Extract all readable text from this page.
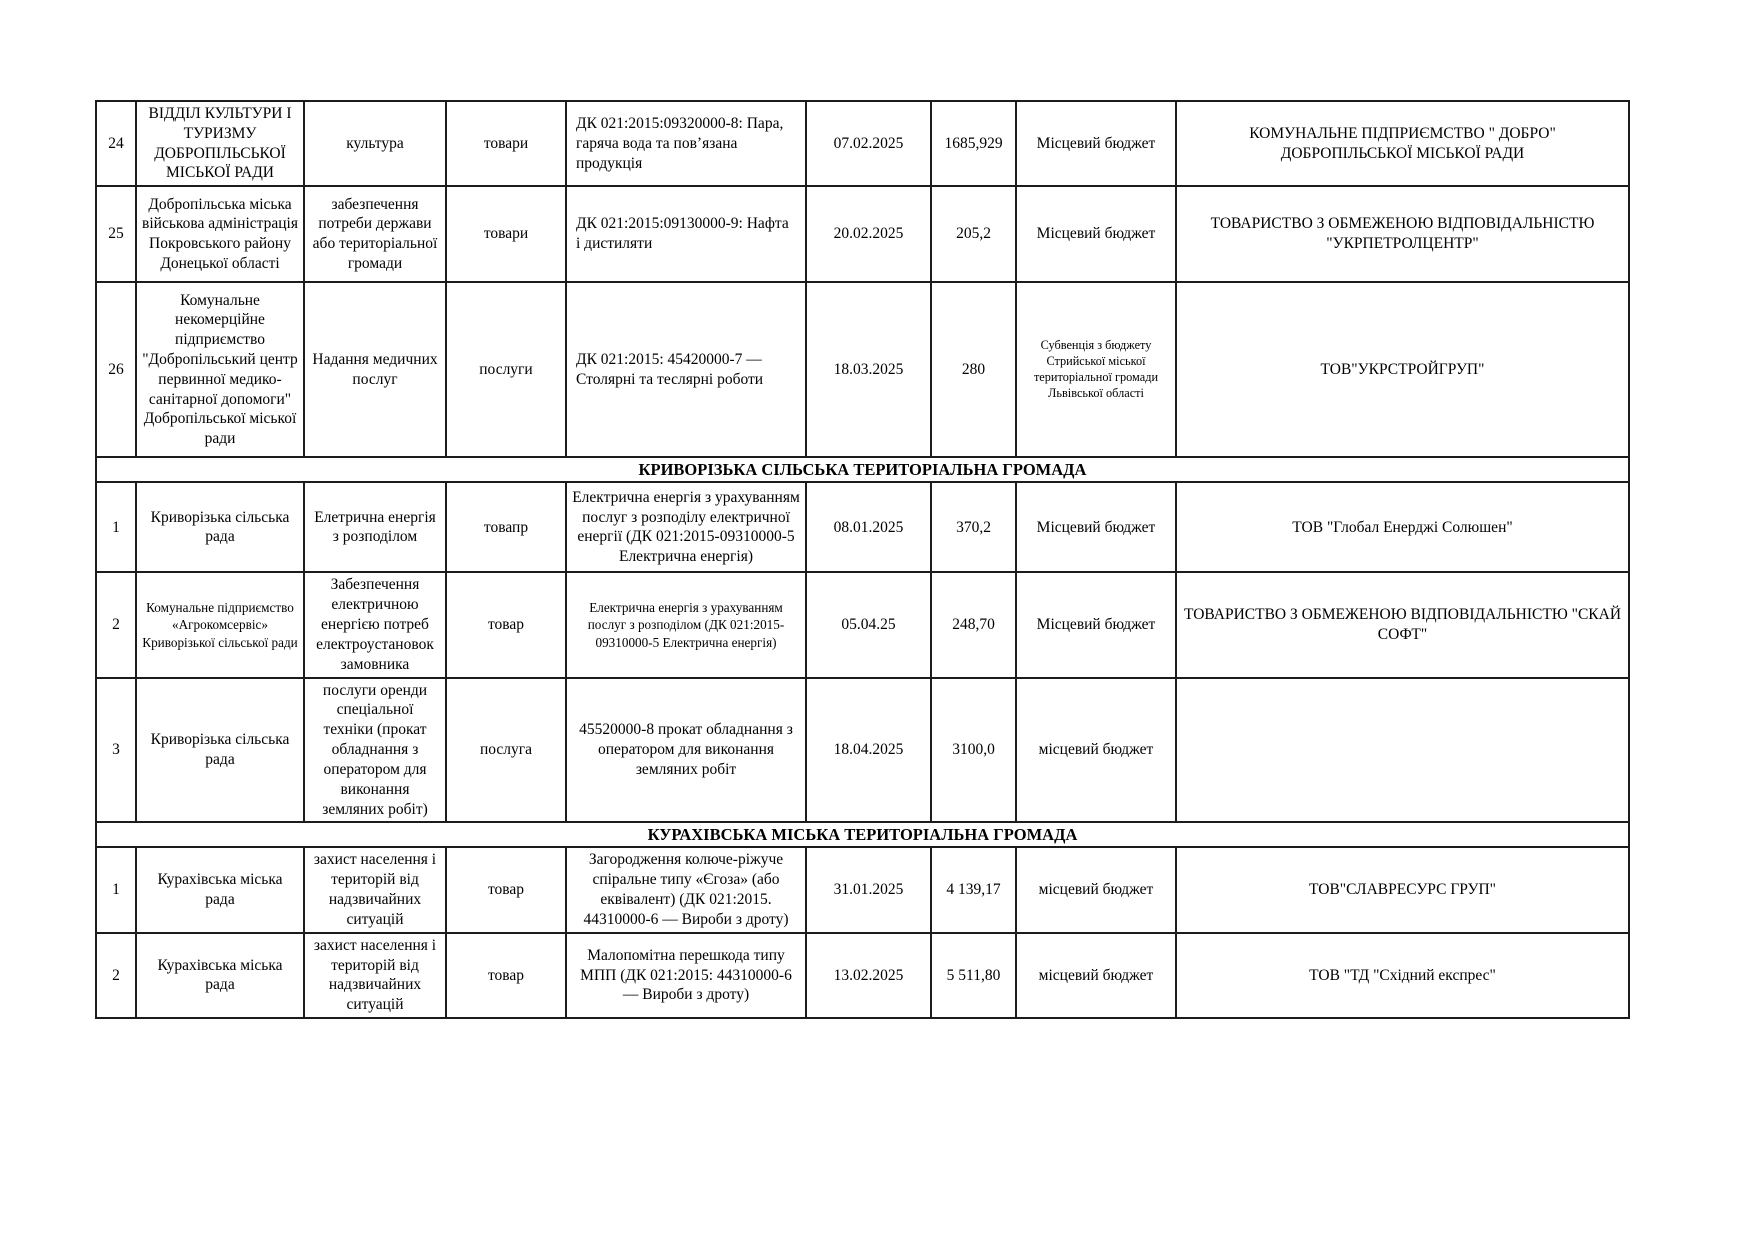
24	ВІДДІЛ КУЛЬТУРИ І ТУРИЗМУ ДОБРОПІЛЬСЬКОЇ МІСЬКОЇ РАДИ	культура	товари	ДК 021:2015:09320000-8: Пара, гаряча вода та пов’язана продукція	07.02.2025	1685,929	Місцевий бюджет	КОМУНАЛЬНЕ ПІДПРИЄМСТВО " ДОБРО" ДОБРОПІЛЬСЬКОЇ МІСЬКОЇ РАДИ
25	Добропільська міська військова адміністрація Покровського району Донецької області	забезпечення потреби держави або територіальної громади	товари	ДК 021:2015:09130000-9: Нафта і дистиляти	20.02.2025	205,2	Місцевий бюджет	ТОВАРИСТВО З ОБМЕЖЕНОЮ ВІДПОВІДАЛЬНІСТЮ "УКРПЕТРОЛЦЕНТР"
26	Комунальне некомерційне підприємство "Добропільський центр первинної медико-санітарної допомоги" Добропільської міської ради	Надання медичних послуг	послуги	ДК 021:2015: 45420000-7 — Столярні та теслярні роботи	18.03.2025	280	Субвенція з бюджету Стрийської міської територіальної громади Львівської області	ТОВ"УКРСТРОЙГРУП"
КРИВОРІЗЬКА СІЛЬСЬКА ТЕРИТОРІАЛЬНА ГРОМАДА								
1	Криворізька сільська рада	Елетрична енергія з розподілом	товапр	Електрична енергія з урахуванням послуг з розподілу електричної енергії (ДК 021:2015-09310000-5 Електрична енергія)	08.01.2025	370,2	Місцевий бюджет	ТОВ "Глобал Енерджі Солюшен"
2	Комунальне підприємство «Агрокомсервіс» Криворізької сільської ради	Забезпечення електричною енергією потреб електроустановок замовника	товар	Електрична енергія з урахуванням послуг з розподілом (ДК 021:2015-09310000-5 Електрична енергія)	05.04.25	248,70	Місцевий бюджет	ТОВАРИСТВО З ОБМЕЖЕНОЮ ВІДПОВІДАЛЬНІСТЮ "СКАЙ СОФТ"
3	Криворізька сільська рада	послуги оренди спеціальної техніки (прокат обладнання з оператором для виконання земляних робіт)	послуга	45520000-8 прокат обладнання з оператором для виконання земляних робіт	18.04.2025	3100,0	місцевий бюджет	
КУРАХІВСЬКА МІСЬКА ТЕРИТОРІАЛЬНА ГРОМАДА								
1	Курахівська міська рада	захист населення і територій від надзвичайних ситуацій	товар	Загородження колюче-ріжуче спіральне типу «Єгоза» (або еквівалент) (ДК 021:2015. 44310000-6 — Вироби з дроту)	31.01.2025	4 139,17	місцевий бюджет	ТОВ"СЛАВРЕСУРС ГРУП"
2	Курахівська міська рада	захист населення і територій від надзвичайних ситуацій	товар	Малопомітна перешкода типу МПП (ДК 021:2015: 44310000-6 — Вироби з дроту)	13.02.2025	5 511,80	місцевий бюджет	ТОВ "ТД "Східний експрес"
